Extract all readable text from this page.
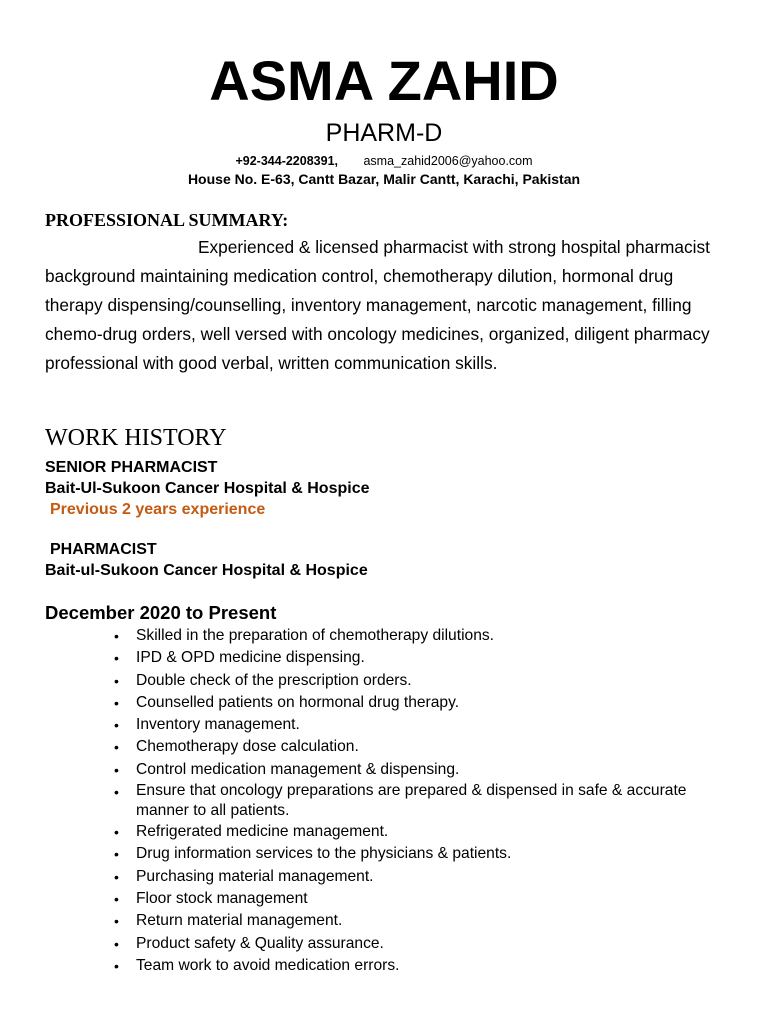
ASMA ZAHID
PHARM-D
+92-344-2208391, asma_zahid2006@yahoo.com
House No. E-63, Cantt Bazar, Malir Cantt, Karachi, Pakistan
PROFESSIONAL SUMMARY:
Experienced & licensed pharmacist with strong hospital pharmacist background maintaining medication control, chemotherapy dilution, hormonal drug therapy dispensing/counselling, inventory management, narcotic management, filling chemo-drug orders, well versed with oncology medicines, organized, diligent pharmacy professional with good verbal, written communication skills.
WORK HISTORY
SENIOR PHARMACIST
Bait-Ul-Sukoon Cancer Hospital & Hospice
Previous 2 years experience
PHARMACIST
Bait-ul-Sukoon Cancer Hospital & Hospice
December 2020 to Present
• Skilled in the preparation of chemotherapy dilutions.
• IPD & OPD medicine dispensing.
• Double check of the prescription orders.
• Counselled patients on hormonal drug therapy.
• Inventory management.
• Chemotherapy dose calculation.
• Control medication management & dispensing.
• Ensure that oncology preparations are prepared & dispensed in safe & accurate manner to all patients.
• Refrigerated medicine management.
• Drug information services to the physicians & patients.
• Purchasing material management.
• Floor stock management
• Return material management.
• Product safety & Quality assurance.
• Team work to avoid medication errors.
